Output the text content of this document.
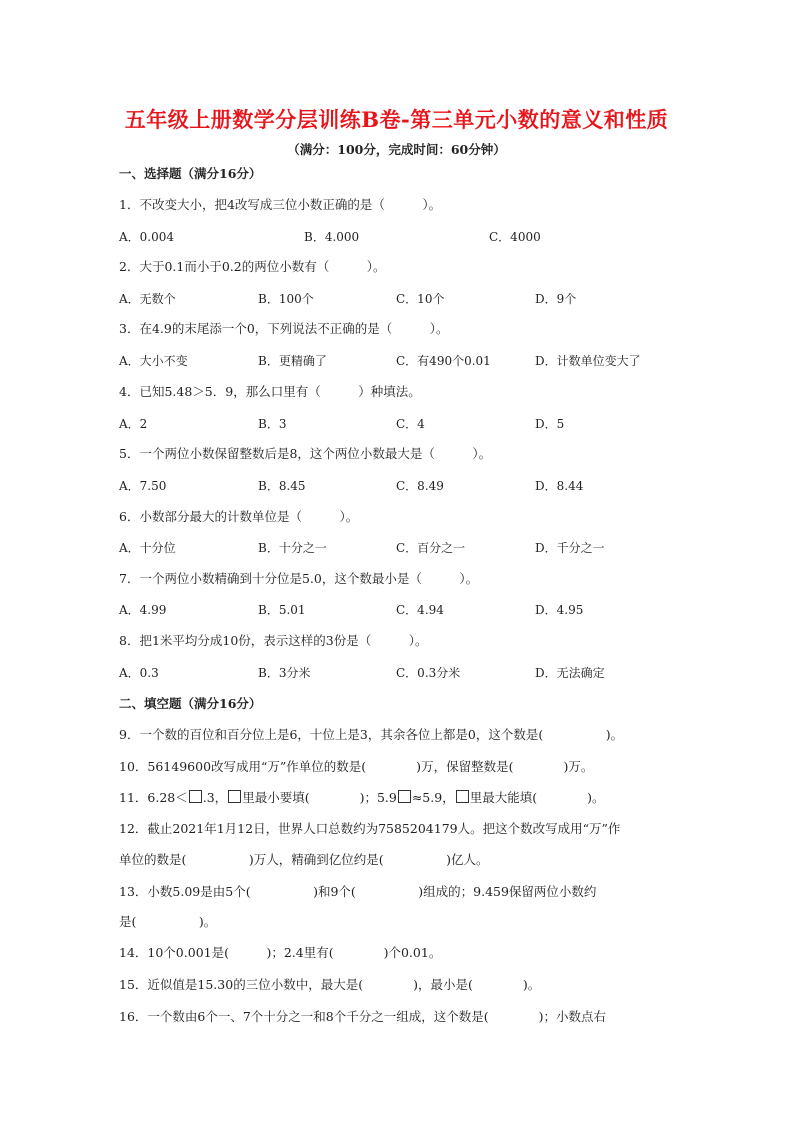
五年级上册数学分层训练B卷-第三单元小数的意义和性质
（满分：100分，完成时间：60分钟）
一、选择题（满分16分）
1．不改变大小，把4改写成三位小数正确的是（　　　）。
A．0.004	B．4.000	C．4000
2．大于0.1而小于0.2的两位小数有（　　　）。
A．无数个	B．100个	C．10个	D．9个
3．在4.9的末尾添一个0，下列说法不正确的是（　　　）。
A．大小不变	B．更精确了	C．有490个0.01	D．计数单位变大了
4．已知5.48＞5．9，那么口里有（　　　）种填法。
A．2	B．3	C．4	D．5
5．一个两位小数保留整数后是8，这个两位小数最大是（　　　）。
A．7.50	B．8.45	C．8.49	D．8.44
6．小数部分最大的计数单位是（　　　）。
A．十分位	B．十分之一	C．百分之一	D．千分之一
7．一个两位小数精确到十分位是5.0，这个数最小是（　　　）。
A．4.99	B．5.01	C．4.94	D．4.95
8．把1米平均分成10份，表示这样的3份是（　　　）。
A．0.3	B．3分米	C．0.3分米	D．无法确定
二、填空题（满分16分）
9．一个数的百位和百分位上是6，十位上是3，其余各位上都是0，这个数是(　　　　　)。
10．56149600改写成用“万”作单位的数是(　　　　)万，保留整数是(　　　　)万。
11．6.28＜ .3， 里最小要填(　　　　)；5.9 ≈5.9， 里最大能填(　　　　)。
12．截止2021年1月12日，世界人口总数约为7585204179人。把这个数改写成用“万”作
单位的数是(　　　　　)万人，精确到亿位约是(　　　　　)亿人。
13．小数5.09是由5个(　　　　　)和9个(　　　　　)组成的；9.459保留两位小数约
是(　　　　　)。
14．10个0.001是(　　　)；2.4里有(　　　　)个0.01。
15．近似值是15.30的三位小数中，最大是(　　　　)，最小是(　　　　)。
16．一个数由6个一、7个十分之一和8个千分之一组成，这个数是(　　　　)；小数点右
